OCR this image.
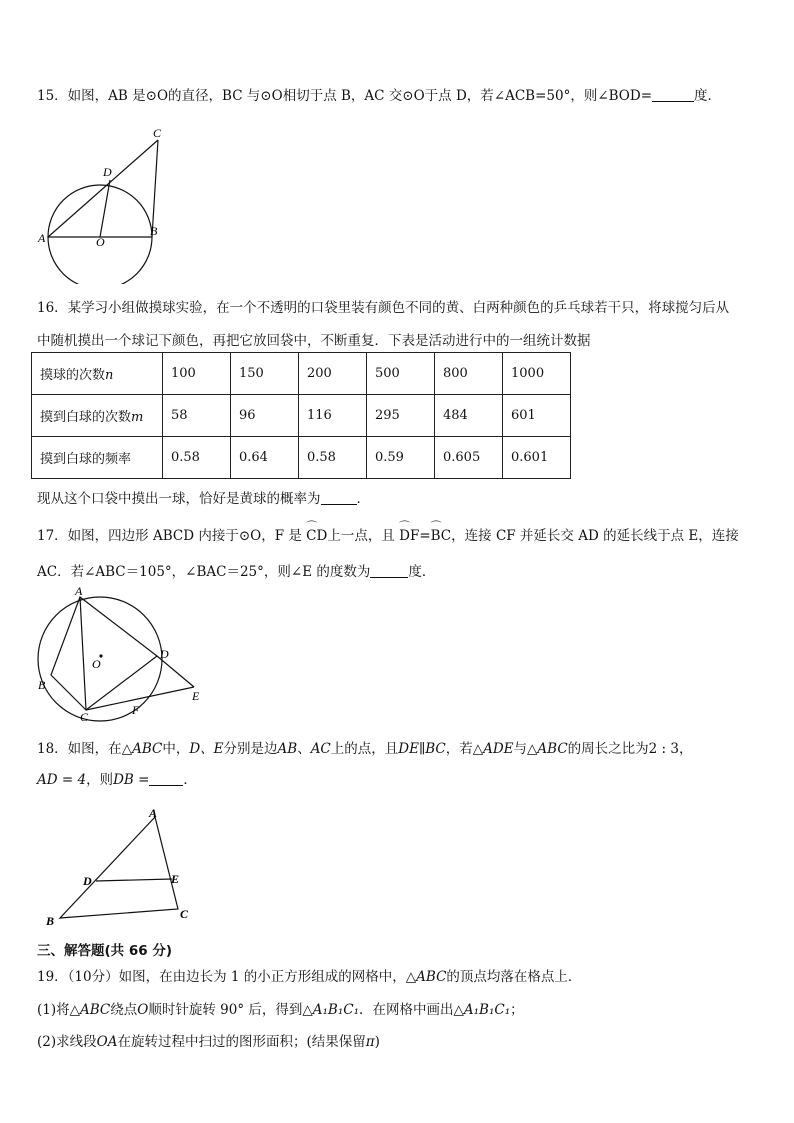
15．如图，AB 是⊙O的直径，BC 与⊙O相切于点 B，AC 交⊙O于点 D，若∠ACB=50°，则∠BOD=	度．
A	B
C
D
O
16．某学习小组做摸球实验，在一个不透明的口袋里装有颜色不同的黄、白两种颜色的乒乓球若干只，将球搅匀后从
中随机摸出一个球记下颜色，再把它放回袋中，不断重复．下表是活动进行中的一组统计数据
摸球的次数n	100	150	200	500	800	1000
摸到白球的次数m	58	96	116	295	484	601
摸到白球的频率	0.58	0.64	0.58	0.59	0.605	0.601
现从这个口袋中摸出一球，恰好是黄球的概率为	．
17．如图，四边形 ABCD 内接于⊙O，F 是 ⌒ CD上一点，且 ⌒ DF=⌒ BC，连接 CF 并延长交 AD 的延长线于点 E，连接
AC．若∠ABC＝105°，∠BAC＝25°，则∠E 的度数为	度．
A
B
C
D
E
F
O
18．如图，在△ABC中，D、E分别是边AB、AC上的点，且DE∥BC，若△ADE与△ABC的周长之比为2 : 3，
AD = 4，则DB =	．
A
B	C
D	E
三、解答题(共 66 分)
19．（10分）如图，在由边长为 1 的小正方形组成的网格中，△ABC的顶点均落在格点上．
(1)将△ABC绕点O顺时针旋转 90° 后，得到△A₁B₁C₁．在网格中画出△A₁B₁C₁；
(2)求线段OA在旋转过程中扫过的图形面积；(结果保留π)
